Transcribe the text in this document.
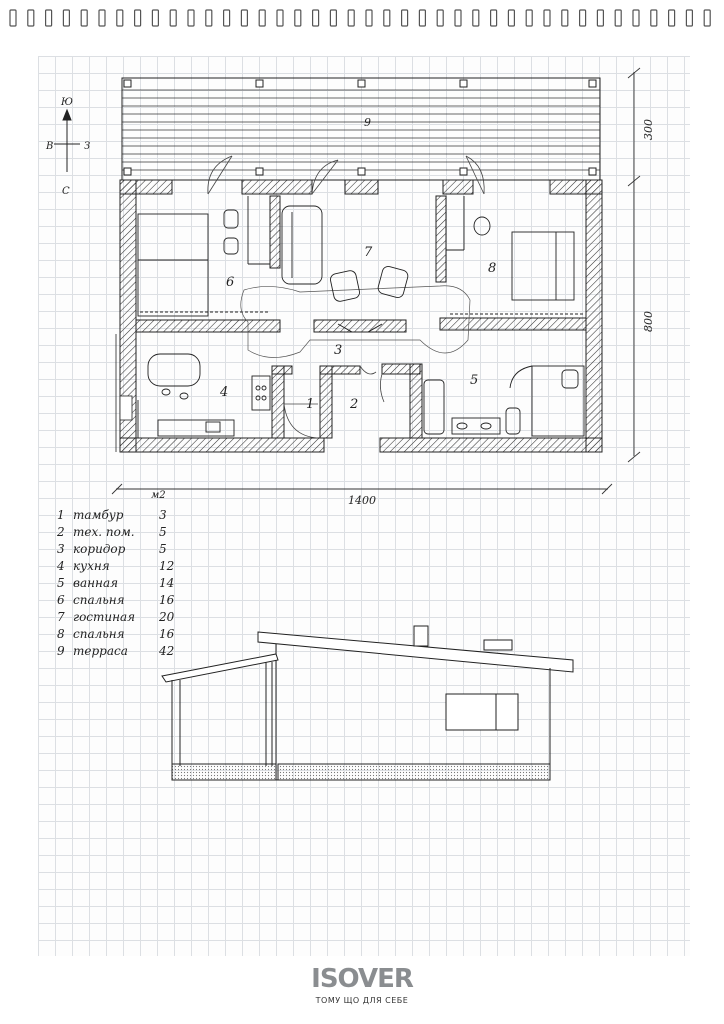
1	2
3
4
5
6
7
8
9
Ю
В	З
С
300
800
1400
м2
1 тамбур	3
2 тех. пом. 5
3 коридор	5
4 кухня	12
5 ванная	14
6 спальня	16
7 гостиная 20
8 спальня	16
9 терраса	42
ISOVER
ТОМУ ЩО ДЛЯ СЕБЕ
